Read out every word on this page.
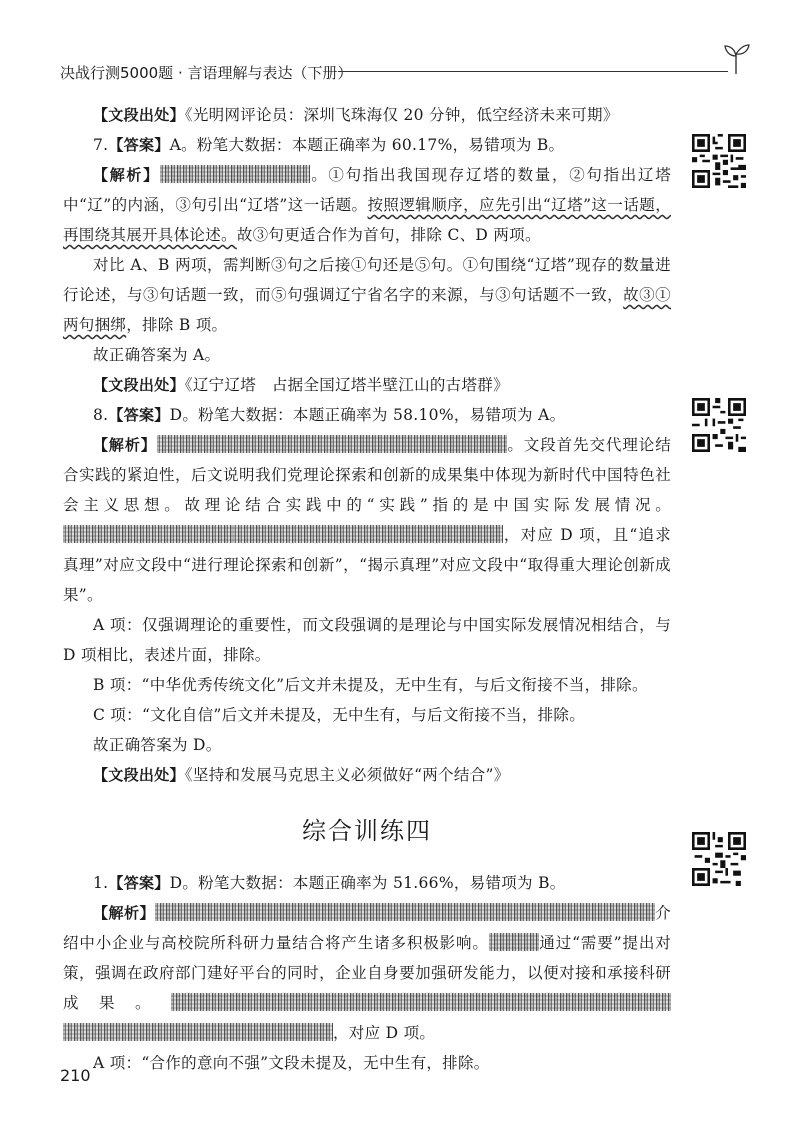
决战行测5000题 · 言语理解与表达（下册）

【文段出处】《光明网评论员：深圳飞珠海仅 20 分钟，低空经济未来可期》

7.【答案】A。粉笔大数据：本题正确率为 60.17%，易错项为 B。

【解析】	。①句指出我国现存辽塔的数量，②句指出辽塔中“辽”的内涵，③句引出“辽塔”这一话题。按照逻辑顺序，应先引出“辽塔”这一话题，再围绕其展开具体论述。故③句更适合作为首句，排除 C、D 两项。

对比 A、B 两项，需判断③句之后接①句还是⑤句。①句围绕“辽塔”现存的数量进行论述，与③句话题一致，而⑤句强调辽宁省名字的来源，与③句话题不一致，故③①两句捆绑，排除 B 项。

故正确答案为 A。

【文段出处】《辽宁辽塔　占据全国辽塔半壁江山的古塔群》

8.【答案】D。粉笔大数据：本题正确率为 58.10%，易错项为 A。

【解析】	。文段首先交代理论结合实践的紧迫性，后文说明我们党理论探索和创新的成果集中体现为新时代中国特色社会主义思想。故理论结合实践中的“实践”指的是中国实际发展情况。，对应 D 项，且“追求真理”对应文段中“进行理论探索和创新”，“揭示真理”对应文段中“取得重大理论创新成果”。

A 项：仅强调理论的重要性，而文段强调的是理论与中国实际发展情况相结合，与 D 项相比，表述片面，排除。

B 项：“中华优秀传统文化”后文并未提及，无中生有，与后文衔接不当，排除。

C 项：“文化自信”后文并未提及，无中生有，与后文衔接不当，排除。

故正确答案为 D。

【文段出处】《坚持和发展马克思主义必须做好“两个结合”》

综合训练四

1.【答案】D。粉笔大数据：本题正确率为 51.66%，易错项为 B。

【解析】	介绍中小企业与高校院所科研力量结合将产生诸多积极影响。	通过“需要”提出对策，强调在政府部门建好平台的同时，企业自身要加强研发能力，以便对接和承接科研成果。，对应 D 项。

A 项：“合作的意向不强”文段未提及，无中生有，排除。

210
